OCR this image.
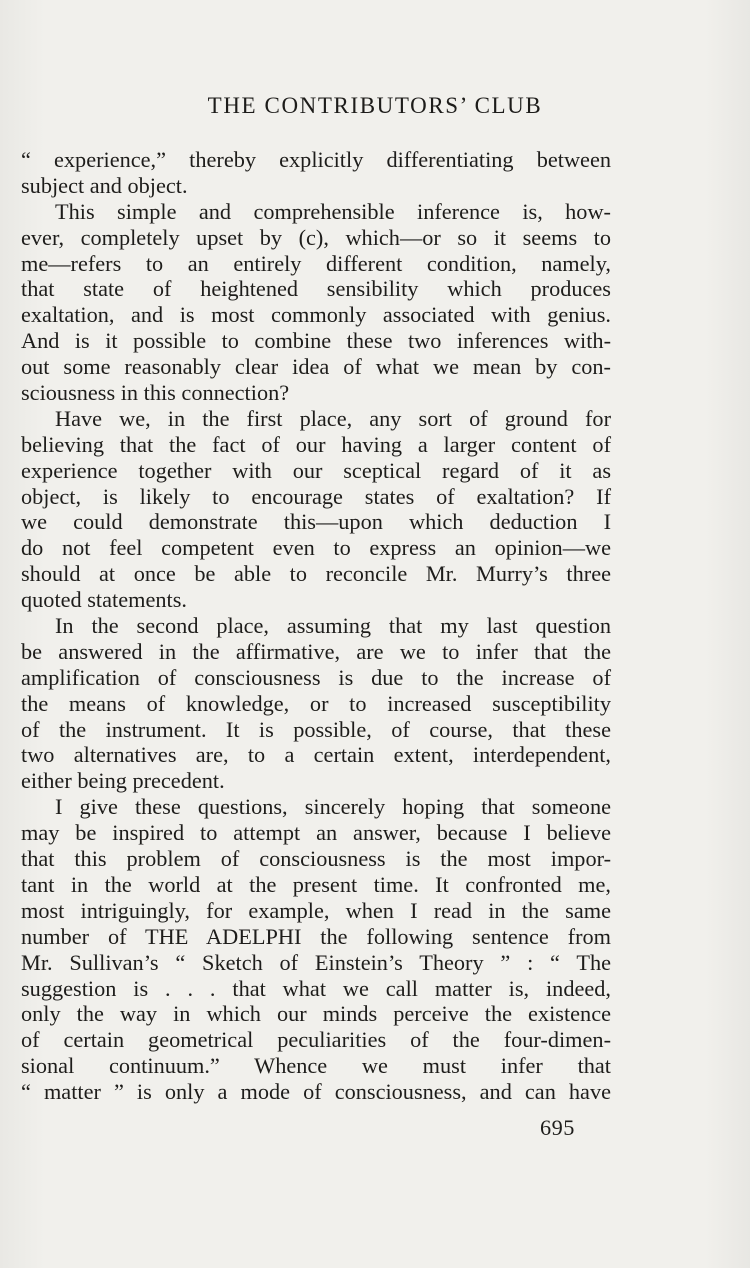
THE CONTRIBUTORS’ CLUB
“ experience,” thereby explicitly differentiating between
subject and object.
This simple and comprehensible inference is, how-
ever, completely upset by (c), which—or so it seems to
me—refers to an entirely different condition, namely,
that state of heightened sensibility which produces
exaltation, and is most commonly associated with genius.
And is it possible to combine these two inferences with-
out some reasonably clear idea of what we mean by con-
sciousness in this connection?
Have we, in the first place, any sort of ground for
believing that the fact of our having a larger content of
experience together with our sceptical regard of it as
object, is likely to encourage states of exaltation? If
we could demonstrate this—upon which deduction I
do not feel competent even to express an opinion—we
should at once be able to reconcile Mr. Murry’s three
quoted statements.
In the second place, assuming that my last question
be answered in the affirmative, are we to infer that the
amplification of consciousness is due to the increase of
the means of knowledge, or to increased susceptibility
of the instrument. It is possible, of course, that these
two alternatives are, to a certain extent, interdependent,
either being precedent.
I give these questions, sincerely hoping that someone
may be inspired to attempt an answer, because I believe
that this problem of consciousness is the most impor-
tant in the world at the present time. It confronted me,
most intriguingly, for example, when I read in the same
number of THE ADELPHI the following sentence from
Mr. Sullivan’s “ Sketch of Einstein’s Theory ” : “ The
suggestion is . . . that what we call matter is, indeed,
only the way in which our minds perceive the existence
of certain geometrical peculiarities of the four-dimen-
sional continuum.” Whence we must infer that
“ matter ” is only a mode of consciousness, and can have
695
